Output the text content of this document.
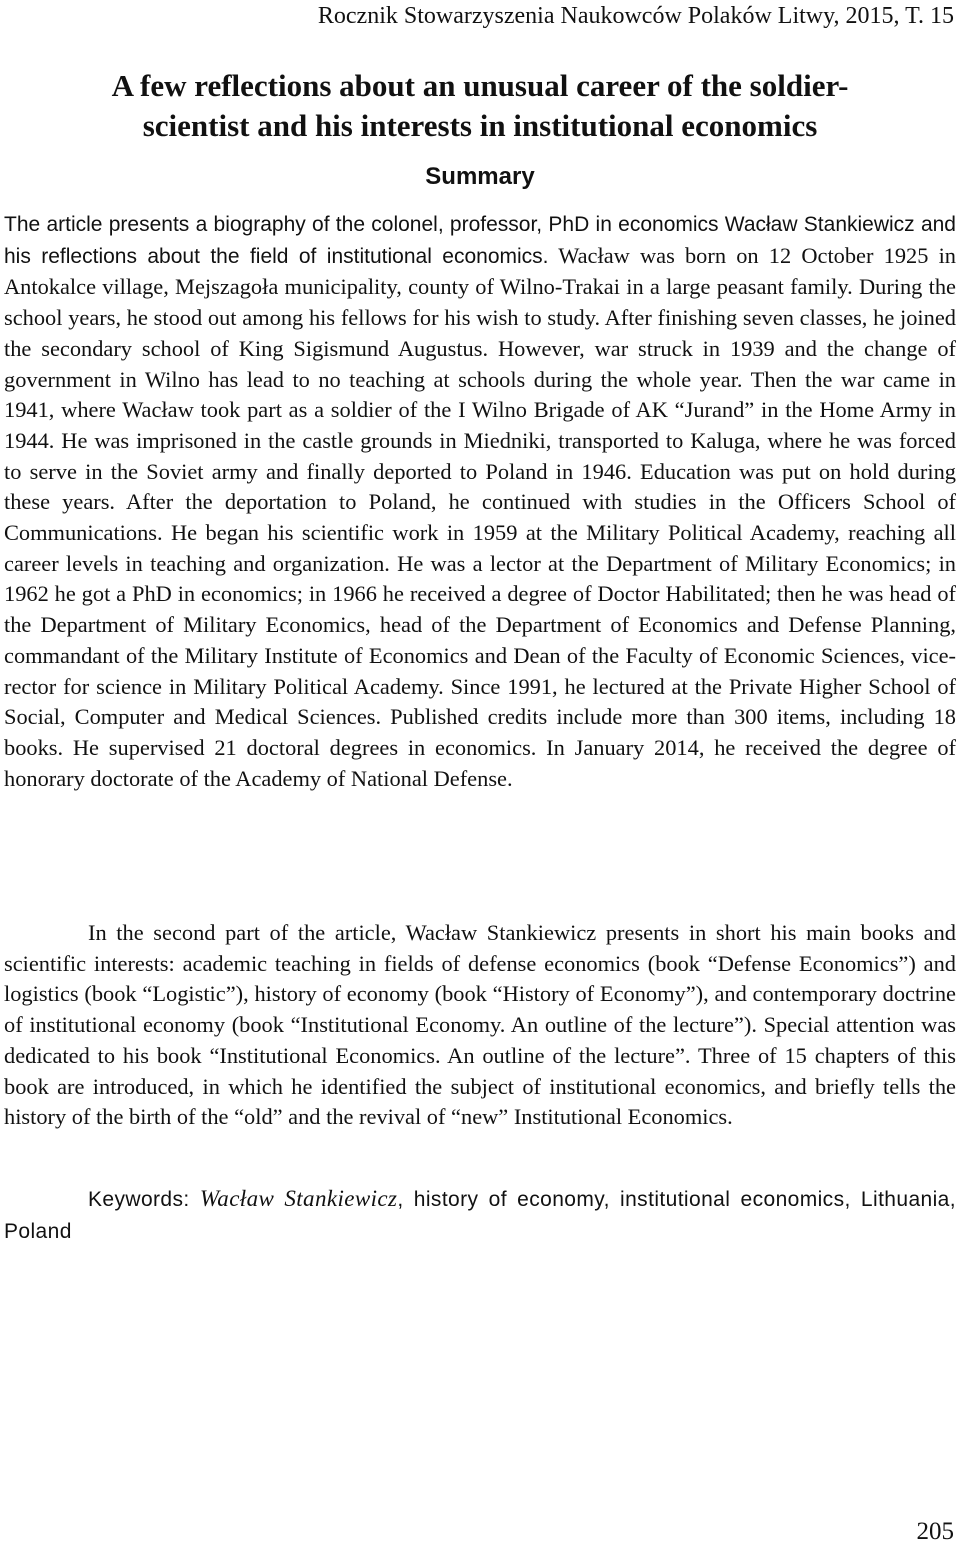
Rocznik Stowarzyszenia Naukowców Polaków Litwy, 2015, T. 15
A few reflections about an unusual career of the soldier-
scientist and his interests in institutional economics
Summary
The article presents a biography of the colonel, professor, PhD in economics Wacław Stankiewicz and his reflections about the field of institutional economics. Wacław was born on 12 October 1925 in Antokalce village, Mejszagoła municipality, county of Wilno-Trakai in a large peasant family. During the school years, he stood out among his fellows for his wish to study. After finishing seven classes, he joined the secondary school of King Sigismund Augustus. However, war struck in 1939 and the change of government in Wilno has lead to no teaching at schools during the whole year. Then the war came in 1941, where Wacław took part as a soldier of the I Wilno Brigade of AK “Jurand” in the Home Army in 1944. He was imprisoned in the castle grounds in Miedniki, transported to Kaluga, where he was forced to serve in the Soviet army and finally deported to Poland in 1946. Education was put on hold during these years. After the deportation to Poland, he continued with studies in the Officers School of Communications. He began his scientific work in 1959 at the Military Political Academy, reaching all career levels in teaching and organization. He was a lector at the Department of Military Economics; in 1962 he got a PhD in economics; in 1966 he received a degree of Doctor Habilitated; then he was head of the Department of Military Economics, head of the Department of Economics and Defense Planning, commandant of the Military Institute of Economics and Dean of the Faculty of Economic Sciences, vice-rector for science in Military Political Academy. Since 1991, he lectured at the Private Higher School of Social, Computer and Medical Sciences. Published credits include more than 300 items, including 18 books. He supervised 21 doctoral degrees in economics. In January 2014, he received the degree of honorary doctorate of the Academy of National Defense.
In the second part of the article, Wacław Stankiewicz presents in short his main books and scientific interests: academic teaching in fields of defense economics (book “Defense Economics”) and logistics (book “Logistic”), history of economy (book “History of Economy”), and contemporary doctrine of institutional economy (book “Institutional Economy. An outline of the lecture”). Special attention was dedicated to his book “Institutional Economics. An outline of the lecture”. Three of 15 chapters of this book are introduced, in which he identified the subject of institutional economics, and briefly tells the history of the birth of the “old” and the revival of “new” Institutional Economics.
Keywords: Wacław Stankiewicz, history of economy, institutional economics, Lithuania, Poland
205
